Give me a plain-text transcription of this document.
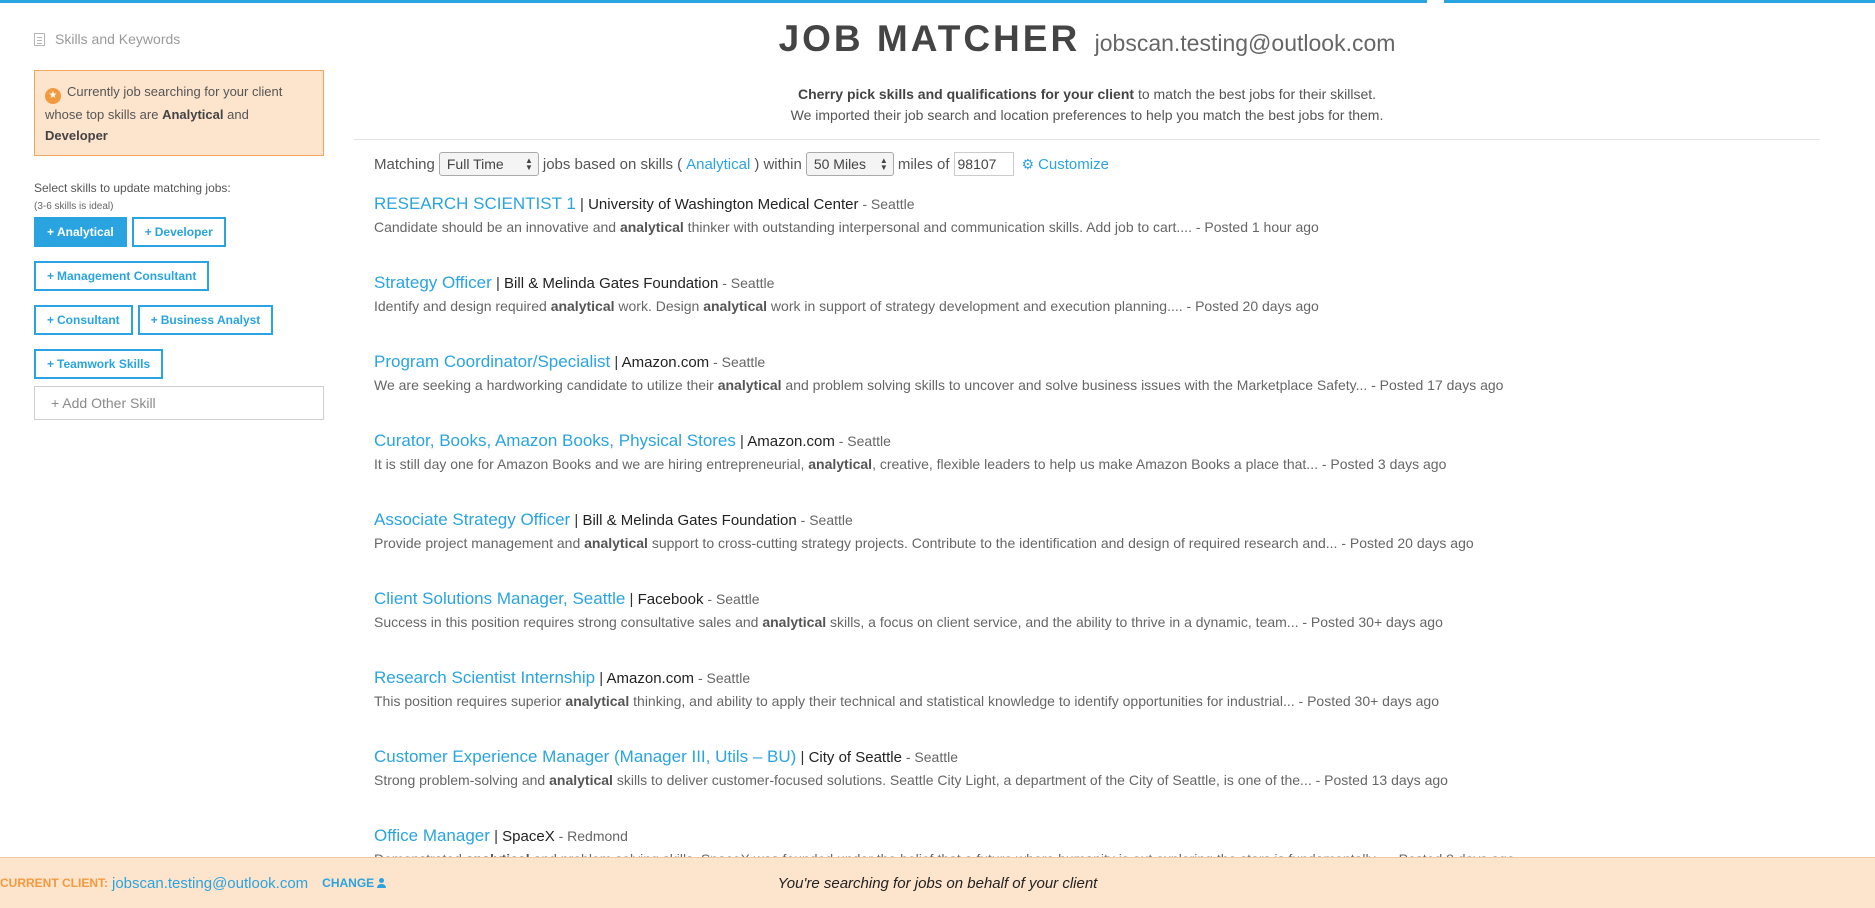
Skills and Keywords
★ Currently job searching for your client whose top skills are Analytical and
Developer
Select skills to update matching jobs:
(3-6 skills is ideal)
+ Analytical	+ Developer
+ Management Consultant
+ Consultant	+ Business Analyst
+ Teamwork Skills
+ Add Other Skill
JOB MATCHER jobscan.testing@outlook.com
Cherry pick skills and qualifications for your client to match the best jobs for their skillset.
We imported their job search and location preferences to help you match the best jobs for them.
Matching Full Time	▲
▼ jobs based on skills ( Analytical ) within 50 Miles ▲
▼ miles of 98107	⚙ Customize
RESEARCH SCIENTIST 1 | University of Washington Medical Center - Seattle
Candidate should be an innovative and analytical thinker with outstanding interpersonal and communication skills. Add job to cart.... - Posted 1 hour ago
Strategy Officer | Bill & Melinda Gates Foundation - Seattle
Identify and design required analytical work. Design analytical work in support of strategy development and execution planning.... - Posted 20 days ago
Program Coordinator/Specialist | Amazon.com - Seattle
We are seeking a hardworking candidate to utilize their analytical and problem solving skills to uncover and solve business issues with the Marketplace Safety... - Posted 17 days ago
Curator, Books, Amazon Books, Physical Stores | Amazon.com - Seattle
It is still day one for Amazon Books and we are hiring entrepreneurial, analytical, creative, flexible leaders to help us make Amazon Books a place that... - Posted 3 days ago
Associate Strategy Officer | Bill & Melinda Gates Foundation - Seattle
Provide project management and analytical support to cross-cutting strategy projects. Contribute to the identification and design of required research and... - Posted 20 days ago
Client Solutions Manager, Seattle | Facebook - Seattle
Success in this position requires strong consultative sales and analytical skills, a focus on client service, and the ability to thrive in a dynamic, team... - Posted 30+ days ago
Research Scientist Internship | Amazon.com - Seattle
This position requires superior analytical thinking, and ability to apply their technical and statistical knowledge to identify opportunities for industrial... - Posted 30+ days ago
Customer Experience Manager (Manager III, Utils – BU) | City of Seattle - Seattle
Strong problem-solving and analytical skills to deliver customer-focused solutions. Seattle City Light, a department of the City of Seattle, is one of the... - Posted 13 days ago
Office Manager | SpaceX - Redmond
CURRENT CLIENT: jobscan.testing@outlook.com CHANGE	You're searching for jobs on behalf of your client
